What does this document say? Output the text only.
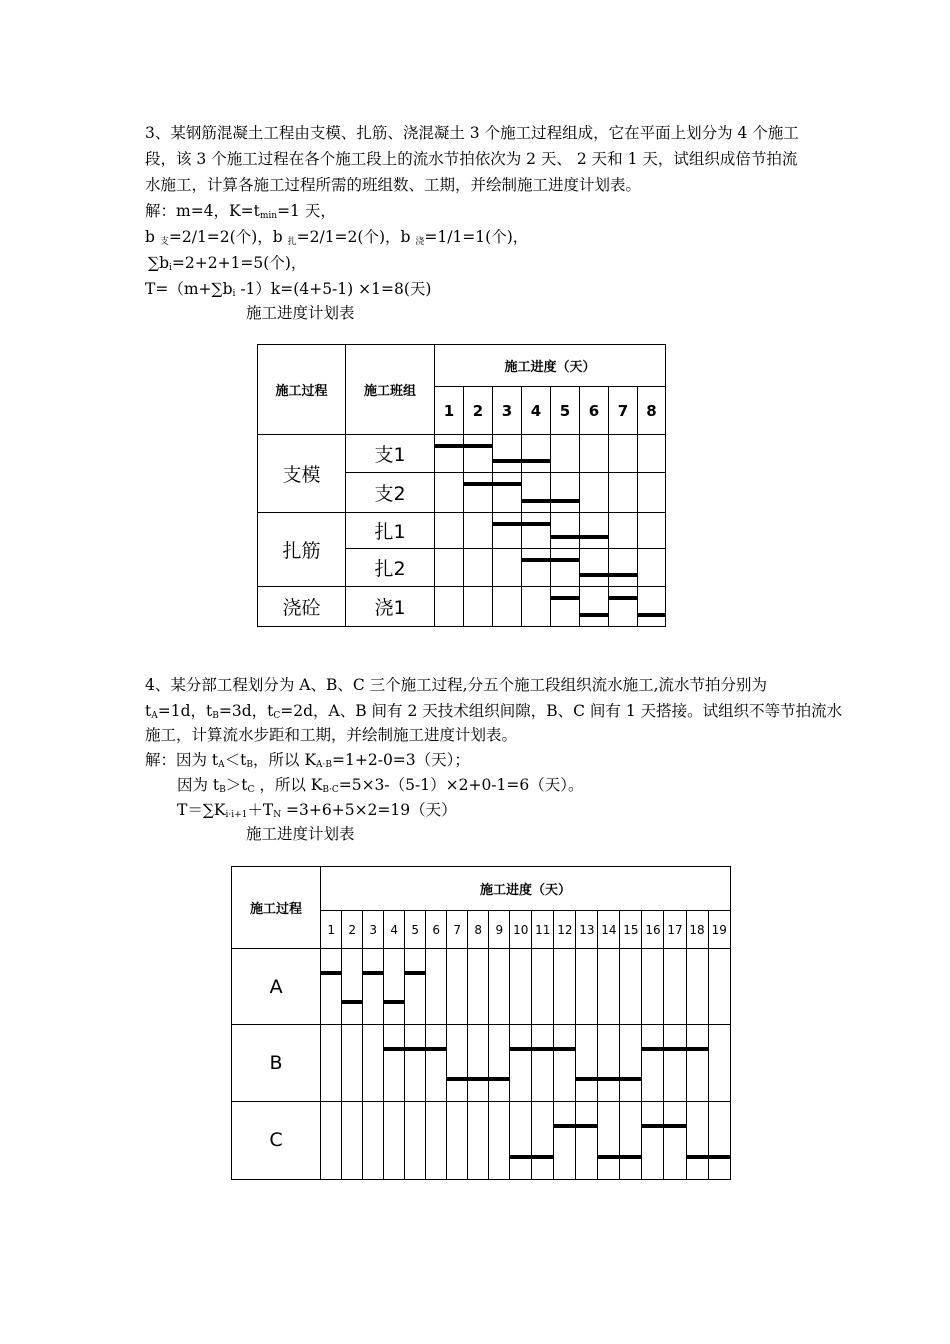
3、某钢筋混凝土工程由支模、扎筋、浇混凝土 3 个施工过程组成，它在平面上划分为 4 个施工段，该 3 个施工过程在各个施工段上的流水节拍依次为 2 天、 2 天和 1 天，试组织成倍节拍流水施工，计算各施工过程所需的班组数、工期，并绘制施工进度计划表。

解：m=4，$K=t_{min}=1$ 天，

b $_支$=2/1=2(个)，b $_扎$=2/1=2(个)，b $_浇$=1/1=1(个)，

$\sum b_i=2+2+1=5$(个)，

$T=(m+\sum b_i$ -1）k=(4+5-1) ×1=8(天)

施工进度计划表
施工过程	施工班组	施工进度（天）							
		1	2	3	4	5	6	7	8
支模	支1	

	支2		

扎筋	扎1			

	扎2				

浇砼	浇1					

4、某分部工程划分为 A、B、C 三个施工过程,分五个施工段组织流水施工,流水节拍分别为

$t_A=1d$，$t_B=3d$，$t_C=2d$，A、B 间有 2 天技术组织间隙，B、C 间有 1 天搭接。试组织不等节拍流水

施工，计算流水步距和工期，并绘制施工进度计划表。

解：因为 $t_A<t_B$，所以 $K_{A\cdot B}=1+2-0=3$（天）；

因为 $t_B>t_C$ ，所以 $K_{B\cdot C}=5\times 3-(5-1)\times 2+0-1=6$（天）。

$T=\sum K_{i\cdot i+1}+T_N =3+6+5\times 2=19$（天）

施工进度计划表
施工过程	施工进度（天）																		
	1	2	3	4	5	6	7	8	9	10	11	12	13	14	15	16	17	18	19
A	

B				

C										
